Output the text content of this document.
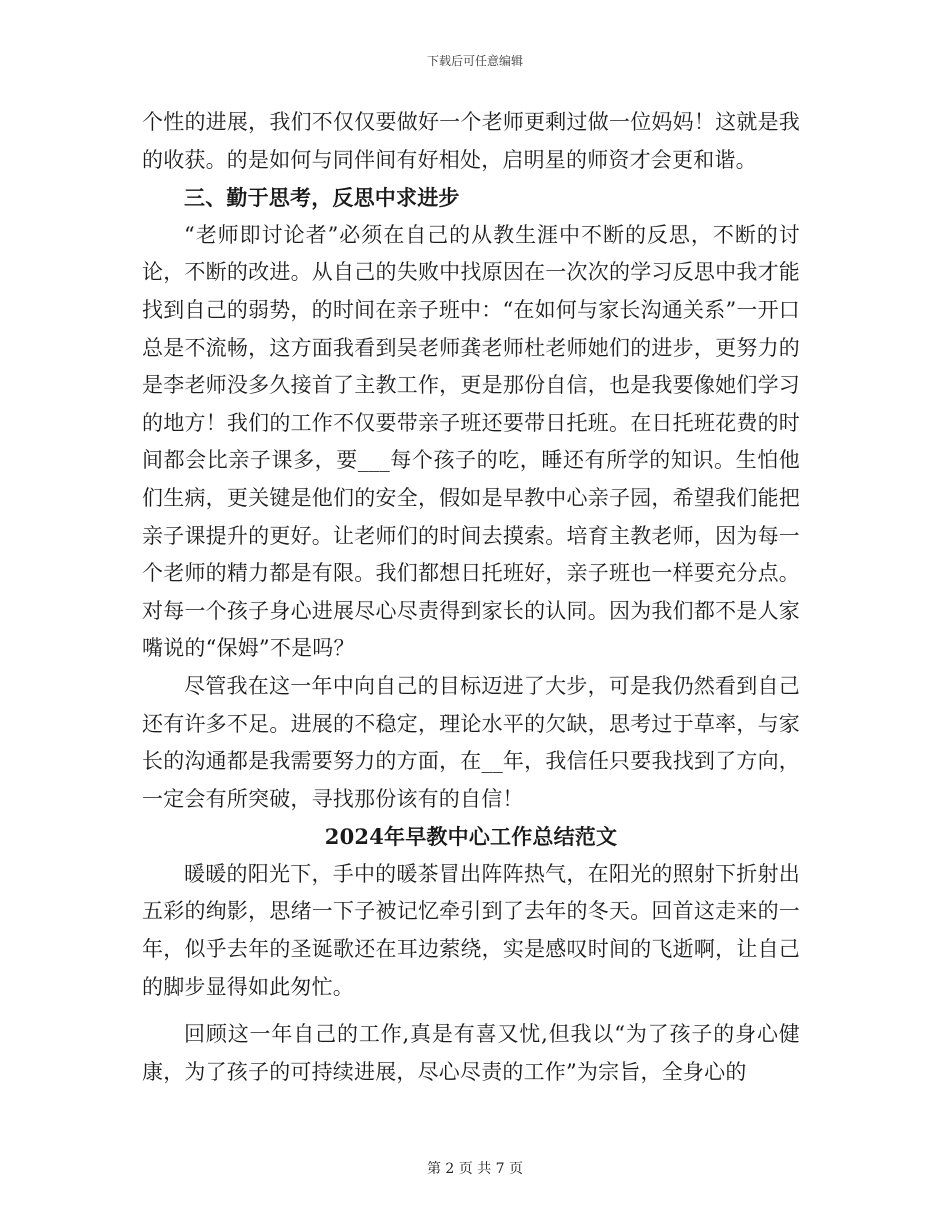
下载后可任意编辑

个性的进展，我们不仅仅要做好一个老师更剩过做一位妈妈！这就是我的收获。的是如何与同伴间有好相处，启明星的师资才会更和谐。

三、勤于思考，反思中求进步

“老师即讨论者”必须在自己的从教生涯中不断的反思，不断的讨论，不断的改进。从自己的失败中找原因在一次次的学习反思中我才能找到自己的弱势，的时间在亲子班中：“在如何与家长沟通关系”一开口总是不流畅，这方面我看到吴老师龚老师杜老师她们的进步，更努力的是李老师没多久接首了主教工作，更是那份自信，也是我要像她们学习的地方！我们的工作不仅要带亲子班还要带日托班。在日托班花费的时间都会比亲子课多，要___每个孩子的吃，睡还有所学的知识。生怕他们生病，更关键是他们的安全，假如是早教中心亲子园，希望我们能把亲子课提升的更好。让老师们的时间去摸索。培育主教老师，因为每一个老师的精力都是有限。我们都想日托班好，亲子班也一样要充分点。对每一个孩子身心进展尽心尽责得到家长的认同。因为我们都不是人家嘴说的“保姆”不是吗？

尽管我在这一年中向自己的目标迈进了大步，可是我仍然看到自己还有许多不足。进展的不稳定，理论水平的欠缺，思考过于草率，与家长的沟通都是我需要努力的方面，在__年，我信任只要我找到了方向，一定会有所突破，寻找那份该有的自信！

2024年早教中心工作总结范文

暖暖的阳光下，手中的暖茶冒出阵阵热气，在阳光的照射下折射出五彩的绚影，思绪一下子被记忆牵引到了去年的冬天。回首这走来的一年，似乎去年的圣诞歌还在耳边萦绕，实是感叹时间的飞逝啊，让自己的脚步显得如此匆忙。

回顾这一年自己的工作,真是有喜又忧,但我以“为了孩子的身心健康，为了孩子的可持续进展，尽心尽责的工作”为宗旨，全身心的

第 2 页 共 7 页
